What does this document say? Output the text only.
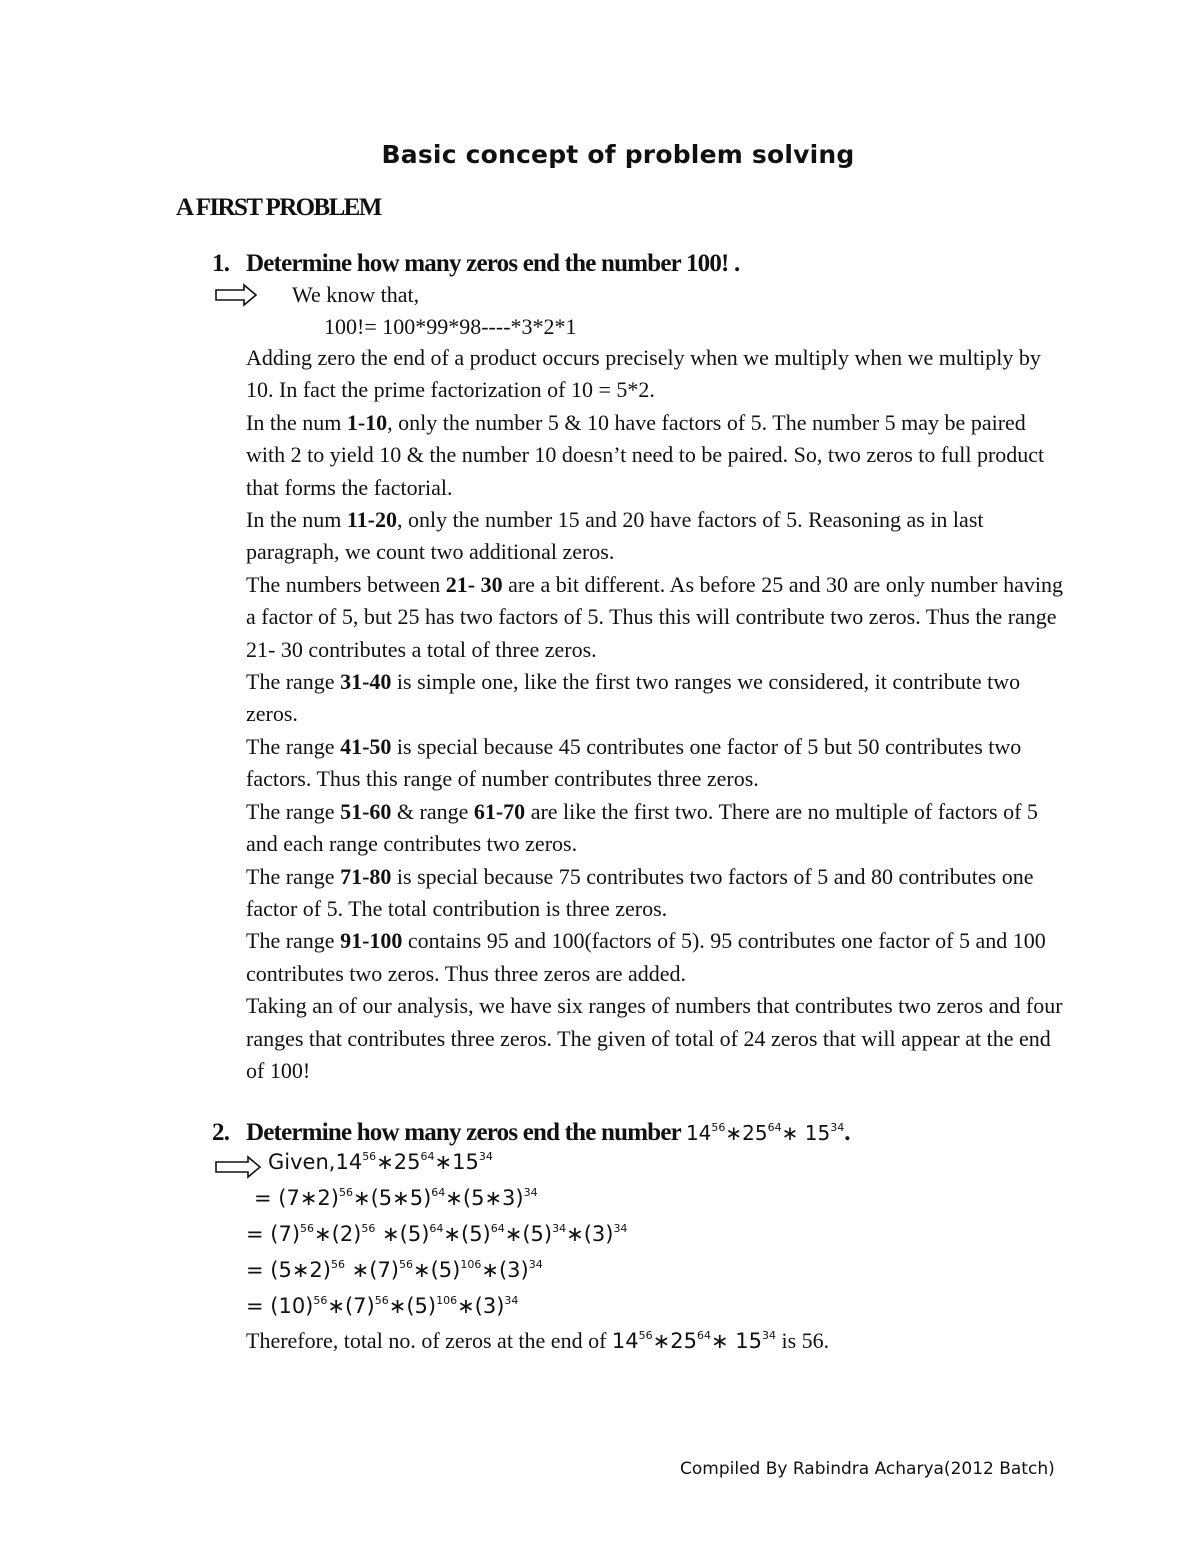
Basic concept of problem solving
A FIRST PROBLEM
1. Determine how many zeros end the number 100! .
We know that,
100!= 100*99*98----*3*2*1

Adding zero the end of a product occurs precisely when we multiply when we multiply by 10. In fact the prime factorization of 10 = 5*2.

In the num 1-10, only the number 5 & 10 have factors of 5. The number 5 may be paired with 2 to yield 10 & the number 10 doesn’t need to be paired. So, two zeros to full product that forms the factorial.

In the num 11-20, only the number 15 and 20 have factors of 5. Reasoning as in last paragraph, we count two additional zeros.

The numbers between 21- 30 are a bit different. As before 25 and 30 are only number having a factor of 5, but 25 has two factors of 5. Thus this will contribute two zeros. Thus the range 21- 30 contributes a total of three zeros.

The range 31-40 is simple one, like the first two ranges we considered, it contribute two zeros.

The range 41-50 is special because 45 contributes one factor of 5 but 50 contributes two factors. Thus this range of number contributes three zeros.

The range 51-60 & range 61-70 are like the first two. There are no multiple of factors of 5 and each range contributes two zeros.

The range 71-80 is special because 75 contributes two factors of 5 and 80 contributes one factor of 5. The total contribution is three zeros.

The range 91-100 contains 95 and 100(factors of 5). 95 contributes one factor of 5 and 100 contributes two zeros. Thus three zeros are added.

Taking an of our analysis, we have six ranges of numbers that contributes two zeros and four ranges that contributes three zeros. The given of total of 24 zeros that will appear at the end of 100!

2. Determine how many zeros end the number $14^{56}∗25^{64}∗$ $15^{34}$.
$Given,14^{56}∗25^{64}∗15^{34}$
= (7∗2)$^{56}$∗(5∗5)$^{64}$∗(5∗3)$^{34}$
= $(7)^{56}∗(2)^{56}$ $∗(5)^{64}∗(5)^{64}∗(5)^{34}∗(3)^{34}$
= (5∗2)$^{56}$ $∗(7)^{56}∗(5)^{106}∗(3)^{34}$
= $(10)^{56}∗(7)^{56}∗(5)^{106}∗(3)^{34}$
Therefore, total no. of zeros at the end of $14^{56}∗25^{64}∗$ $15^{34}$ is 56.
Compiled By Rabindra Acharya(2012 Batch)
